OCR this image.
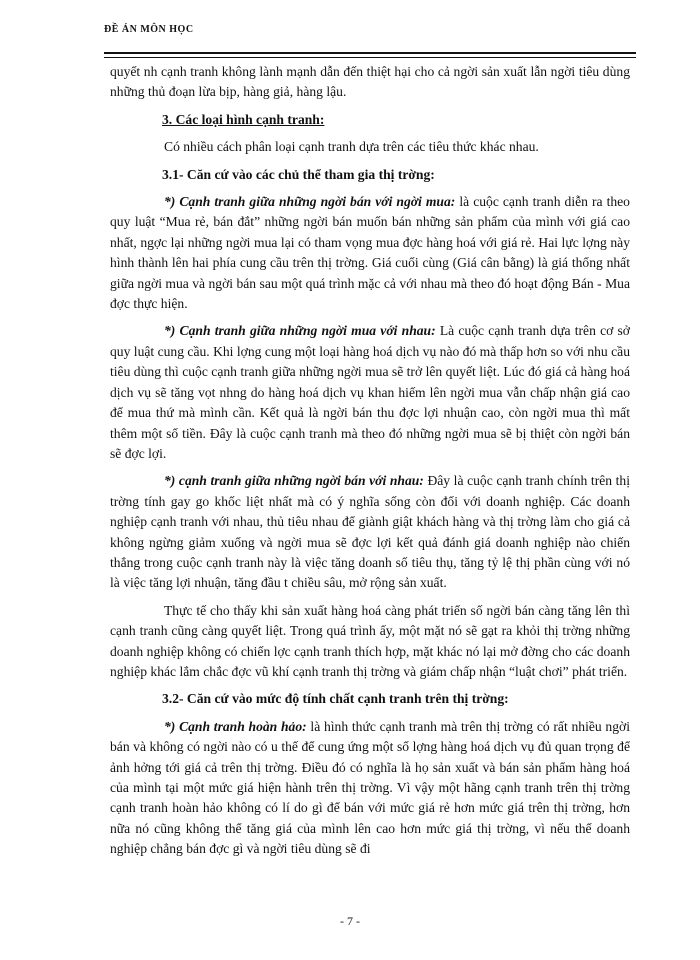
ĐỀ ÁN MÔN HỌC

quyết nh cạnh tranh không lành mạnh dẫn đến thiệt hại cho cả ngời sản xuất lẫn ngời tiêu dùng những thủ đoạn lừa bịp, hàng giả, hàng lậu.

3. Các loại hình cạnh tranh:

Có nhiều cách phân loại cạnh tranh dựa trên các tiêu thức khác nhau.

3.1- Căn cứ vào các chủ thể tham gia thị trờng:

*) Cạnh tranh giữa những ngời bán với ngời mua: là cuộc cạnh tranh diễn ra theo quy luật “Mua rẻ, bán đắt” những ngời bán muốn bán những sản phẩm của mình với giá cao nhất, ngợc lại những ngời mua lại có tham vọng mua đợc hàng hoá với giá rẻ. Hai lực lợng này hình thành lên hai phía cung cầu trên thị trờng. Giá cuối cùng (Giá cân bằng) là giá thống nhất giữa ngời mua và ngời bán sau một quá trình mặc cả với nhau mà theo đó hoạt động Bán - Mua đợc thực hiện.

*) Cạnh tranh giữa những ngời mua với nhau: Là cuộc cạnh tranh dựa trên cơ sở quy luật cung cầu. Khi lợng cung một loại hàng hoá dịch vụ nào đó mà thấp hơn so với nhu cầu tiêu dùng thì cuộc cạnh tranh giữa những ngời mua sẽ trở lên quyết liệt. Lúc đó giá cả hàng hoá dịch vụ sẽ tăng vọt nhng do hàng hoá dịch vụ khan hiếm lên ngời mua vẫn chấp nhận giá cao để mua thứ mà mình cần. Kết quả là ngời bán thu đợc lợi nhuận cao, còn ngời mua thì mất thêm một số tiền. Đây là cuộc cạnh tranh mà theo đó những ngời mua sẽ bị thiệt còn ngời bán sẽ đợc lợi.

*) cạnh tranh giữa những ngời bán với nhau: Đây là cuộc cạnh tranh chính trên thị trờng tính gay go khốc liệt nhất mà có ý nghĩa sống còn đối với doanh nghiệp. Các doanh nghiệp cạnh tranh với nhau, thủ tiêu nhau để giành giật khách hàng và thị trờng làm cho giá cả không ngừng giảm xuống và ngời mua sẽ đợc lợi kết quả đánh giá doanh nghiệp nào chiến thắng trong cuộc cạnh tranh này là việc tăng doanh số tiêu thụ, tăng tỷ lệ thị phần cùng với nó là việc tăng lợi nhuận, tăng đầu t chiều sâu, mở rộng sản xuất.

Thực tế cho thấy khi sản xuất hàng hoá càng phát triển số ngời bán càng tăng lên thì cạnh tranh cũng càng quyết liệt. Trong quá trình ấy, một mặt nó sẽ gạt ra khỏi thị trờng những doanh nghiệp không có chiến lợc cạnh tranh thích hợp, mặt khác nó lại mở đờng cho các doanh nghiệp khác lắm chắc đợc vũ khí cạnh tranh thị trờng và giám chấp nhận “luật chơi” phát triển.

3.2- Căn cứ vào mức độ tính chất cạnh tranh trên thị trờng:

*) Cạnh tranh hoàn hảo: là hình thức cạnh tranh mà trên thị trờng có rất nhiều ngời bán và không có ngời nào có u thế để cung ứng một số lợng hàng hoá dịch vụ đủ quan trọng để ảnh hởng tới giá cả trên thị trờng. Điều đó có nghĩa là họ sản xuất và bán sản phẩm hàng hoá của mình tại một mức giá hiện hành trên thị trờng. Vì vậy một hãng cạnh tranh trên thị trờng cạnh tranh hoàn hảo không có lí do gì để bán với mức giá rẻ hơn mức giá trên thị trờng, hơn nữa nó cũng không thể tăng giá của mình lên cao hơn mức giá thị trờng, vì nếu thế doanh nghiệp chẳng bán đợc gì và ngời tiêu dùng sẽ đi

- 7 -
